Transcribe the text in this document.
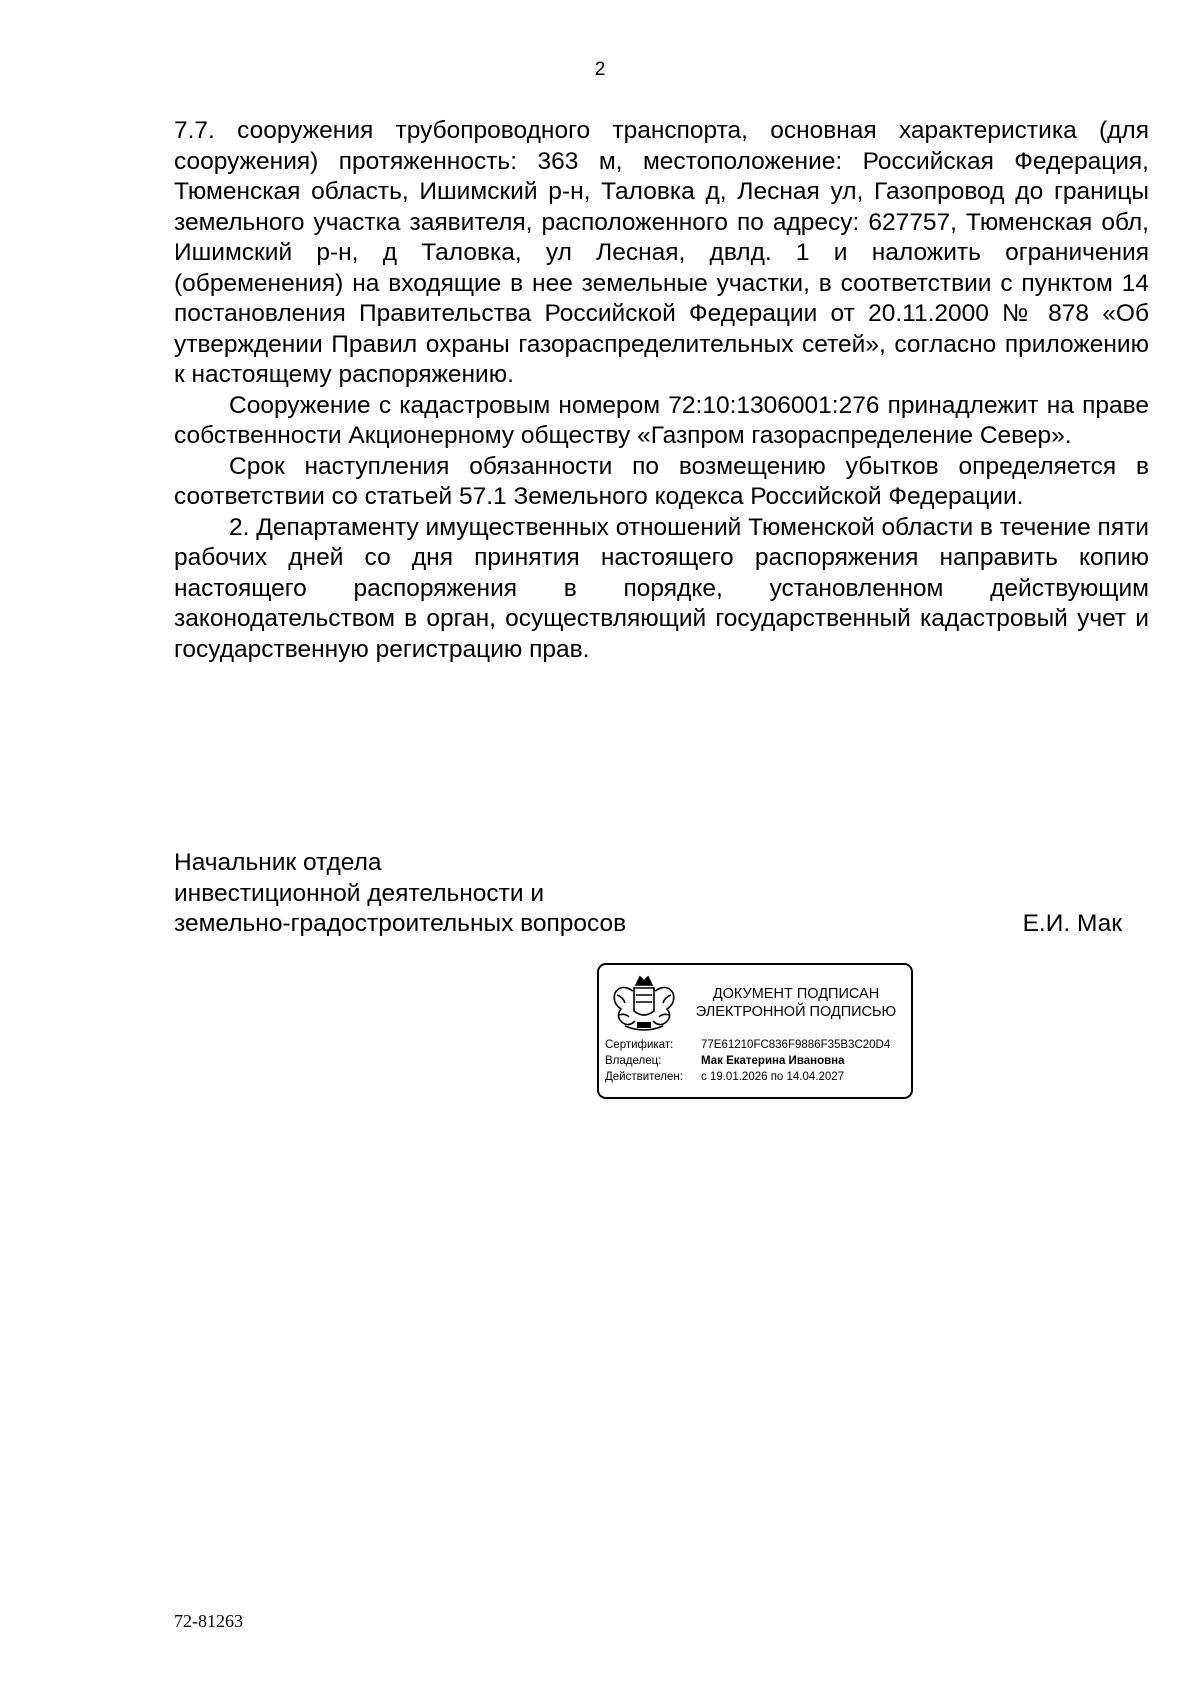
2

7.7. сооружения трубопроводного транспорта, основная характеристика (для сооружения) протяженность: 363 м, местоположение: Российская Федерация, Тюменская область, Ишимский р-н, Таловка д, Лесная ул, Газопровод до границы земельного участка заявителя, расположенного по адресу: 627757, Тюменская обл, Ишимский р-н, д Таловка, ул Лесная, двлд. 1 и наложить ограничения (обременения) на входящие в нее земельные участки, в соответствии с пунктом 14 постановления Правительства Российской Федерации от 20.11.2000 № 878 «Об утверждении Правил охраны газораспределительных сетей», согласно приложению к настоящему распоряжению.

Сооружение с кадастровым номером 72:10:1306001:276 принадлежит на праве собственности Акционерному обществу «Газпром газораспределение Север».

Срок наступления обязанности по возмещению убытков определяется в соответствии со статьей 57.1 Земельного кодекса Российской Федерации.

2. Департаменту имущественных отношений Тюменской области в течение пяти рабочих дней со дня принятия настоящего распоряжения направить копию настоящего распоряжения в порядке, установленном действующим законодательством в орган, осуществляющий государственный кадастровый учет и государственную регистрацию прав.

Начальник отдела
инвестиционной деятельности и
земельно-градостроительных вопросов	Е.И. Мак
ДОКУМЕНТ ПОДПИСАН
ЭЛЕКТРОННОЙ ПОДПИСЬЮ
Сертификат:	77E61210FC836F9886F35B3C20D4
Владелец:	Мак Екатерина Ивановна
Действителен:	с 19.01.2026 по 14.04.2027
72-81263
